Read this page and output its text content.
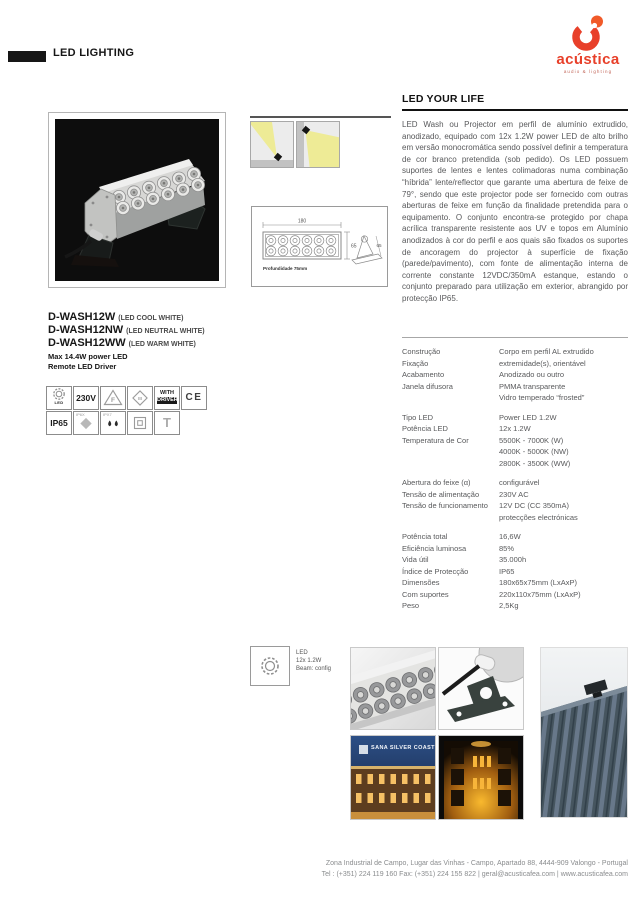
LED LIGHTING	acústica
audio & lighting
D-WASH12W (LED COOL WHITE)
D-WASH12NW (LED NEUTRAL WHITE)
D-WASH12WW (LED WARM WHITE)
Max 14.4W power LED
Remote LED Driver
LED	230V	F	III
WITH
DRIVER CE
IP65
IP6X	IPX7
T
180
65	65
Profundidade 75mm
LED YOUR LIFE
LED Wash ou Projector em perfil de alumínio extrudido, anodizado, equipado com 12x 1.2W power LED de alto brilho em versão monocromática sendo possível definir a temperatura de cor branco pretendida (sob pedido). Os LED possuem suportes de lentes e lentes colimadoras numa combinação “híbrida” lente/reflector que garante uma abertura de feixe de 79°, sendo que este projector pode ser fornecido com outras aberturas de feixe em função da finalidade pretendida para o equipamento. O conjunto encontra-se protegido por chapa acrílica transparente resistente aos UV e topos em Alumínio anodizados à cor do perfil e aos quais são fixados os suportes de ancoragem do projector à superfície de fixação (parede/pavimento), com fonte de alimentação interna de corrente constante 12VDC/350mA estanque, estando o conjunto preparado para utilização em exterior, abrangido por protecção IP65.
Construção	Corpo em perfil AL extrudido
Fixação	extremidade(s), orientável
Acabamento	Anodizado ou outro
Janela difusora	PMMA transparente
Vidro temperado “frosted”
Tipo LED	Power LED 1.2W
Potência LED	12x 1.2W
Temperatura de Cor	5500K - 7000K (W)
4000K - 5000K (NW)
2800K - 3500K (WW)
Abertura do feixe (α)	configurável
Tensão de alimentação	230V AC
Tensão de funcionamento	12V DC (CC 350mA)
protecções electrónicas
Potência total	16,6W
Eficiência luminosa	85%
Vida útil	35.000h
Índice de Protecção	IP65
Dimensões	180x65x75mm (LxAxP)
Com suportes	220x110x75mm (LxAxP)
Peso	2,5Kg
LED
12x 1.2W
Beam: config
SANA SILVER COAST
Zona Industrial de Campo, Lugar das Vinhas - Campo, Apartado 88, 4444-909 Valongo - Portugal
Tel : (+351) 224 119 160 Fax: (+351) 224 155 822 | geral@acusticafea.com | www.acusticafea.com
